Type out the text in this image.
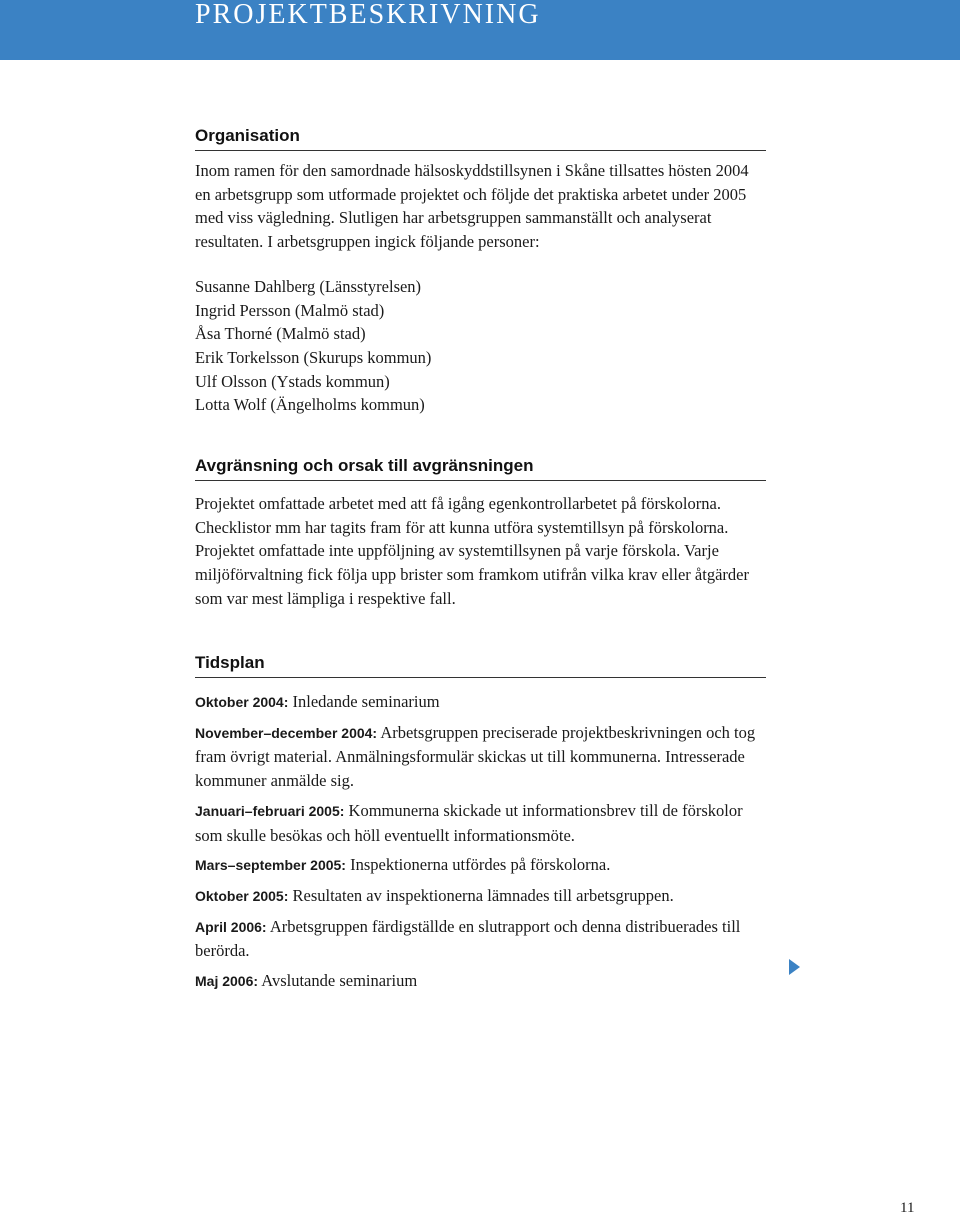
PROJEKTBESKRIVNING
Organisation

Inom ramen för den samordnade hälsoskyddstillsynen i Skåne tillsattes hösten 2004 en arbetsgrupp som utformade projektet och följde det praktiska arbetet under 2005 med viss vägledning. Slutligen har arbetsgruppen sammanställt och analyserat resultaten. I arbetsgruppen ingick följande personer:

Susanne Dahlberg (Länsstyrelsen)
Ingrid Persson (Malmö stad)
Åsa Thorné (Malmö stad)
Erik Torkelsson (Skurups kommun)
Ulf Olsson (Ystads kommun)
Lotta Wolf (Ängelholms kommun)
Avgränsning och orsak till avgränsningen

Projektet omfattade arbetet med att få igång egenkontrollarbetet på förskolorna. Checklistor mm har tagits fram för att kunna utföra systemtillsyn på förskolorna. Projektet omfattade inte uppföljning av systemtillsynen på varje förskola. Varje miljöförvaltning fick följa upp brister som framkom utifrån vilka krav eller åtgärder som var mest lämpliga i respektive fall.

Tidsplan

Oktober 2004: Inledande seminarium

November–december 2004: Arbetsgruppen preciserade projektbeskrivningen och tog fram övrigt material. Anmälningsformulär skickas ut till kommunerna. Intresserade kommuner anmälde sig.

Januari–februari 2005: Kommunerna skickade ut informationsbrev till de förskolor som skulle besökas och höll eventuellt informationsmöte.

Mars–september 2005: Inspektionerna utfördes på förskolorna.

Oktober 2005: Resultaten av inspektionerna lämnades till arbetsgruppen.

April 2006: Arbetsgruppen färdigställde en slutrapport och denna distribuerades till berörda.

Maj 2006: Avslutande seminarium

11
